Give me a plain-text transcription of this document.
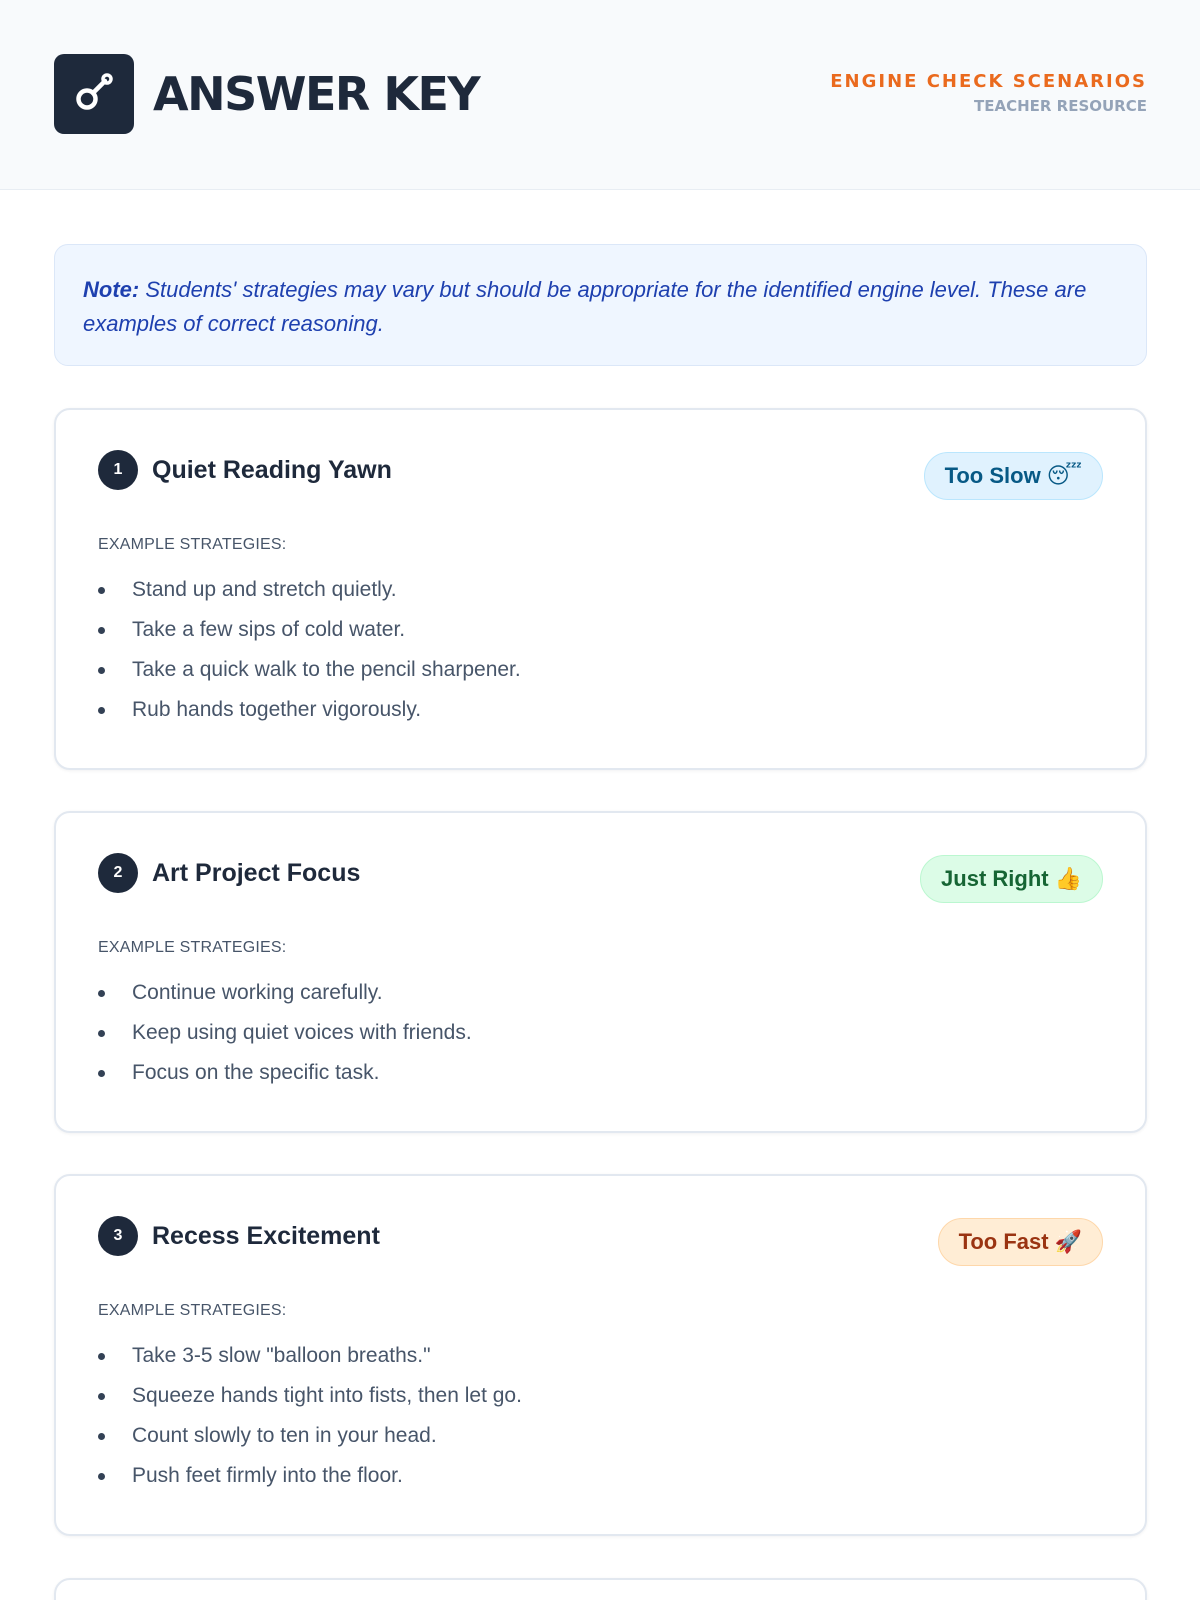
ANSWER KEY	ENGINE CHECK SCENARIOS
TEACHER RESOURCE
Note: Students' strategies may vary but should be appropriate for the identified engine level. These are examples of correct reasoning.
1	Quiet Reading Yawn	Too Slow 😴
EXAMPLE STRATEGIES:
Stand up and stretch quietly.
Take a few sips of cold water.
Take a quick walk to the pencil sharpener.
Rub hands together vigorously.
2	Art Project Focus	Just Right 👍
EXAMPLE STRATEGIES:
Continue working carefully.
Keep using quiet voices with friends.
Focus on the specific task.
3	Recess Excitement	Too Fast 🚀
EXAMPLE STRATEGIES:
Take 3-5 slow "balloon breaths."
Squeeze hands tight into fists, then let go.
Count slowly to ten in your head.
Push feet firmly into the floor.
